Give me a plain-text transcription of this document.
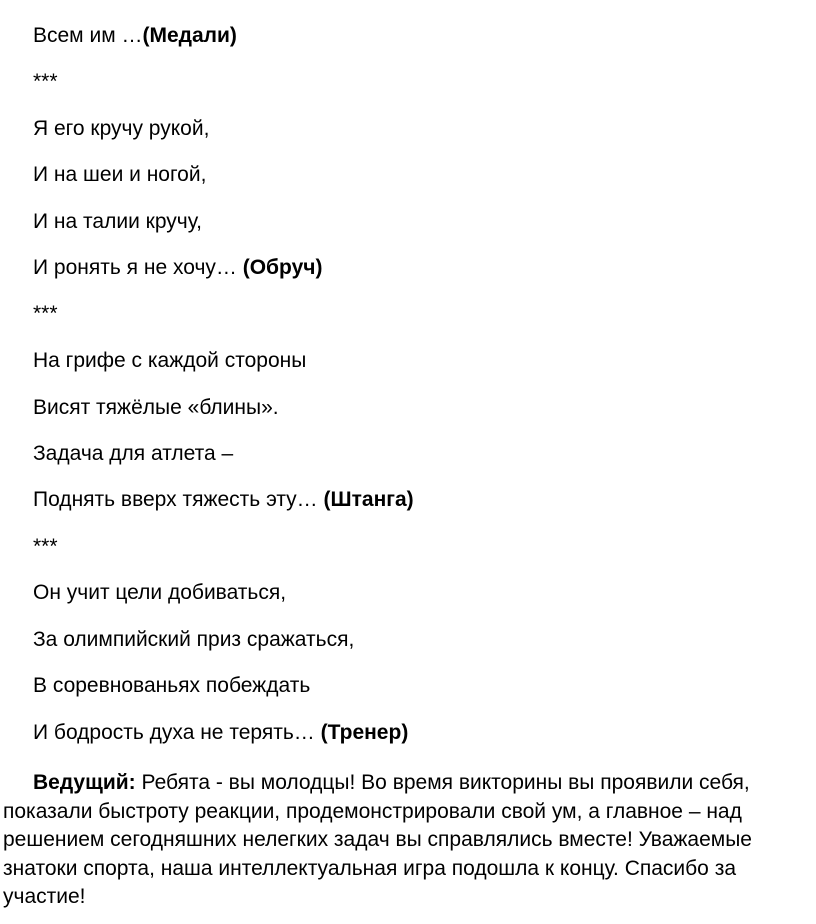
Всем им …(Медали)
***
Я его кручу рукой,
И на шеи и ногой,
И на талии кручу,
И ронять я не хочу… (Обруч)
***
На грифе с каждой стороны
Висят тяжёлые «блины».
Задача для атлета –
Поднять вверх тяжесть эту… (Штанга)
***
Он учит цели добиваться,
За олимпийский приз сражаться,
В соревнованьях побеждать
И бодрость духа не терять… (Тренер)

Ведущий: Ребята - вы молодцы! Во время викторины вы проявили себя, показали быстроту реакции, продемонстрировали свой ум, а главное – над решением сегодняшних нелегких задач вы справлялись вместе! Уважаемые знатоки спорта, наша интеллектуальная игра подошла к концу. Спасибо за участие!
